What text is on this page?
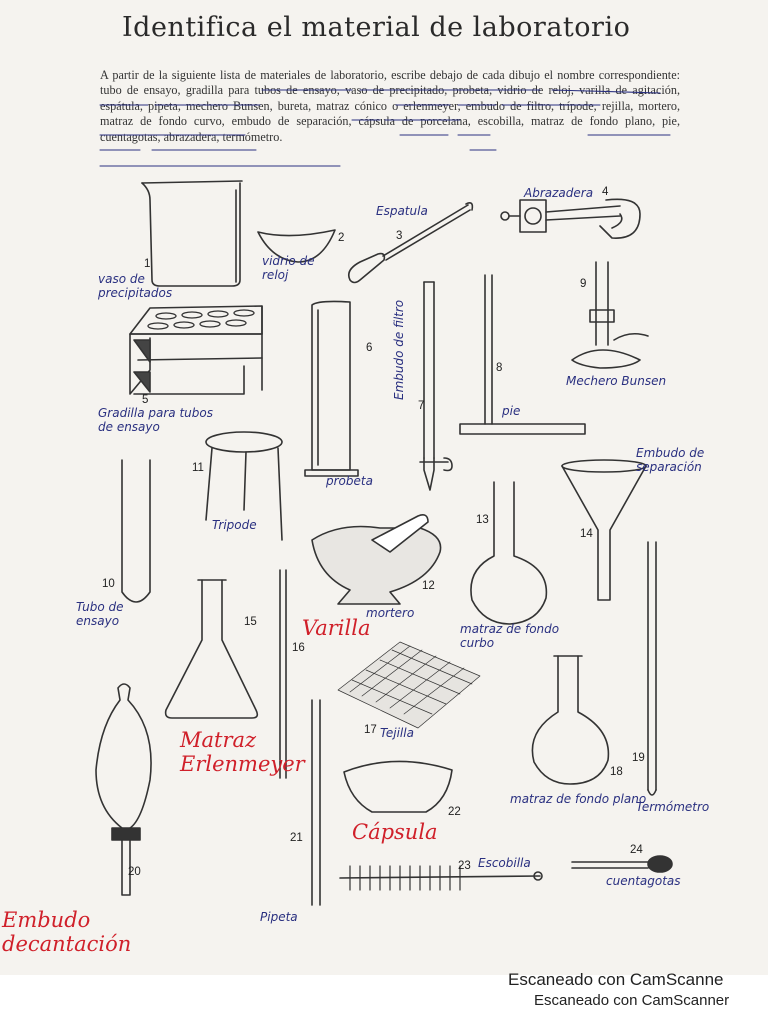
Identifica el material de laboratorio
A partir de la siguiente lista de materiales de laboratorio, escribe debajo de cada dibujo el nombre correspondiente: tubo de ensayo, gradilla para tubos de ensayo, vaso de precipitado, probeta, vidrio de reloj, varilla de agitación, espátula, pipeta, mechero Bunsen, bureta, matraz cónico o erlenmeyer, embudo de filtro, trípode, rejilla, mortero, matraz de fondo curvo, embudo de separación, cápsula de porcelana, escobilla, matraz de fondo plano, pie, cuentagotas, abrazadera, termómetro.
1
vaso de precipitados
2
vidrio de reloj
3
Espatula
4
Abrazadera
5
Gradilla para tubos de ensayo
6
probeta
7
Embudo de filtro	8
pie
9
Mechero Bunsen
10
Tubo de ensayo
11
Tripode
12
mortero
13
matraz de fondo curbo
14
Embudo de separación
15
Matraz Erlenmeyer
16
Varilla
17 Tejilla
18
matraz de fondo plano
19
Termómetro
20
Embudo decantación
21
Pipeta
22
Cápsula
23 Escobilla
24
cuentagotas
Escaneado con CamScanne
Escaneado con CamScanner
